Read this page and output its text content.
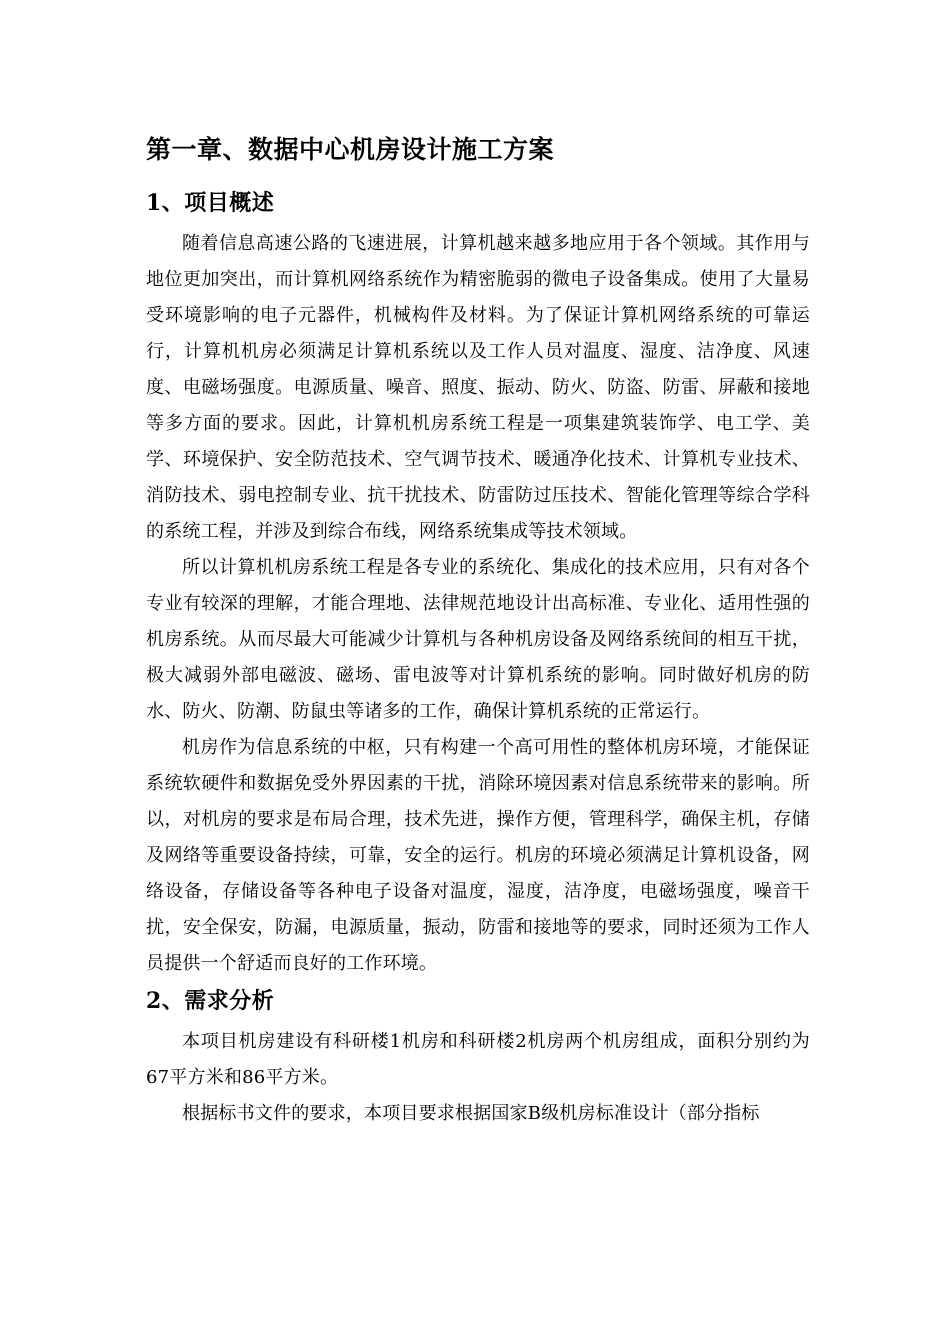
第一章、数据中心机房设计施工方案
1、项目概述

随着信息高速公路的飞速进展，计算机越来越多地应用于各个领域。其作用与地位更加突出，而计算机网络系统作为精密脆弱的微电子设备集成。使用了大量易受环境影响的电子元器件，机械构件及材料。为了保证计算机网络系统的可靠运行，计算机机房必须满足计算机系统以及工作人员对温度、湿度、洁净度、风速度、电磁场强度。电源质量、噪音、照度、振动、防火、防盗、防雷、屏蔽和接地等多方面的要求。因此，计算机机房系统工程是一项集建筑装饰学、电工学、美学、环境保护、安全防范技术、空气调节技术、暖通净化技术、计算机专业技术、消防技术、弱电控制专业、抗干扰技术、防雷防过压技术、智能化管理等综合学科的系统工程，并涉及到综合布线，网络系统集成等技术领域。

所以计算机机房系统工程是各专业的系统化、集成化的技术应用，只有对各个专业有较深的理解，才能合理地、法律规范地设计出高标准、专业化、适用性强的机房系统。从而尽最大可能减少计算机与各种机房设备及网络系统间的相互干扰，极大减弱外部电磁波、磁场、雷电波等对计算机系统的影响。同时做好机房的防水、防火、防潮、防鼠虫等诸多的工作，确保计算机系统的正常运行。

机房作为信息系统的中枢，只有构建一个高可用性的整体机房环境，才能保证系统软硬件和数据免受外界因素的干扰，消除环境因素对信息系统带来的影响。所以，对机房的要求是布局合理，技术先进，操作方便，管理科学，确保主机，存储及网络等重要设备持续，可靠，安全的运行。机房的环境必须满足计算机设备，网络设备，存储设备等各种电子设备对温度，湿度，洁净度，电磁场强度，噪音干扰，安全保安，防漏，电源质量，振动，防雷和接地等的要求，同时还须为工作人员提供一个舒适而良好的工作环境。

2、需求分析

本项目机房建设有科研楼1机房和科研楼2机房两个机房组成，面积分别约为67平方米和86平方米。

根据标书文件的要求，本项目要求根据国家B级机房标准设计（部分指标
